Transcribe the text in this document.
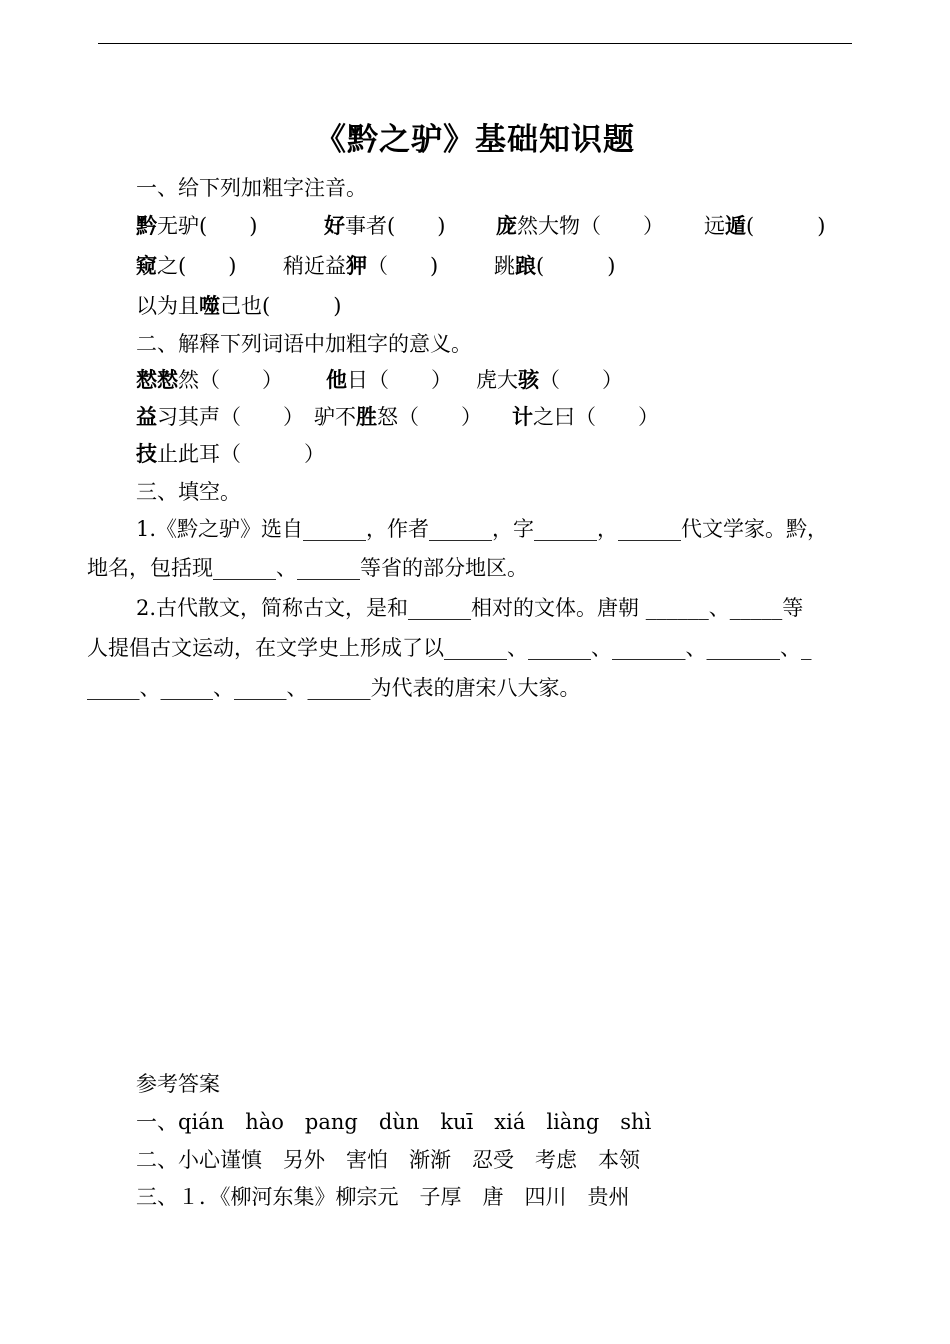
《黔之驴》基础知识题
一、给下列加粗字注音。
黔无驴(　　)	好事者(　　) 庞然大物（　　） 远遁(　　　)
窥之(　　) 稍近益狎（　　)	跳踉(　　　)
以为且噬己也(　　　)
二、解释下列词语中加粗字的意义。
慭慭然（　　） 他日（　　） 虎大骇（　　）
益习其声（　　） 驴不胜怒（　　） 计之曰（　　）
技止此耳（　　　）
三、填空。
1.《黔之驴》选自______，作者______，字______，______代文学家。黔，
地名，包括现______、______等省的部分地区。
2.古代散文，简称古文，是和______相对的文体。唐朝 ______、_____等
人提倡古文运动，在文学史上形成了以______、______、_______、_______、_
_____、_____、_____、______为代表的唐宋八大家。
参考答案
一、qián　hào　pang　dùn　kuī　xiá　liàng　shì
二、小心谨慎　另外　害怕　渐渐　忍受　考虑　本领
三、１．《柳河东集》柳宗元　子厚　唐　四川　贵州
